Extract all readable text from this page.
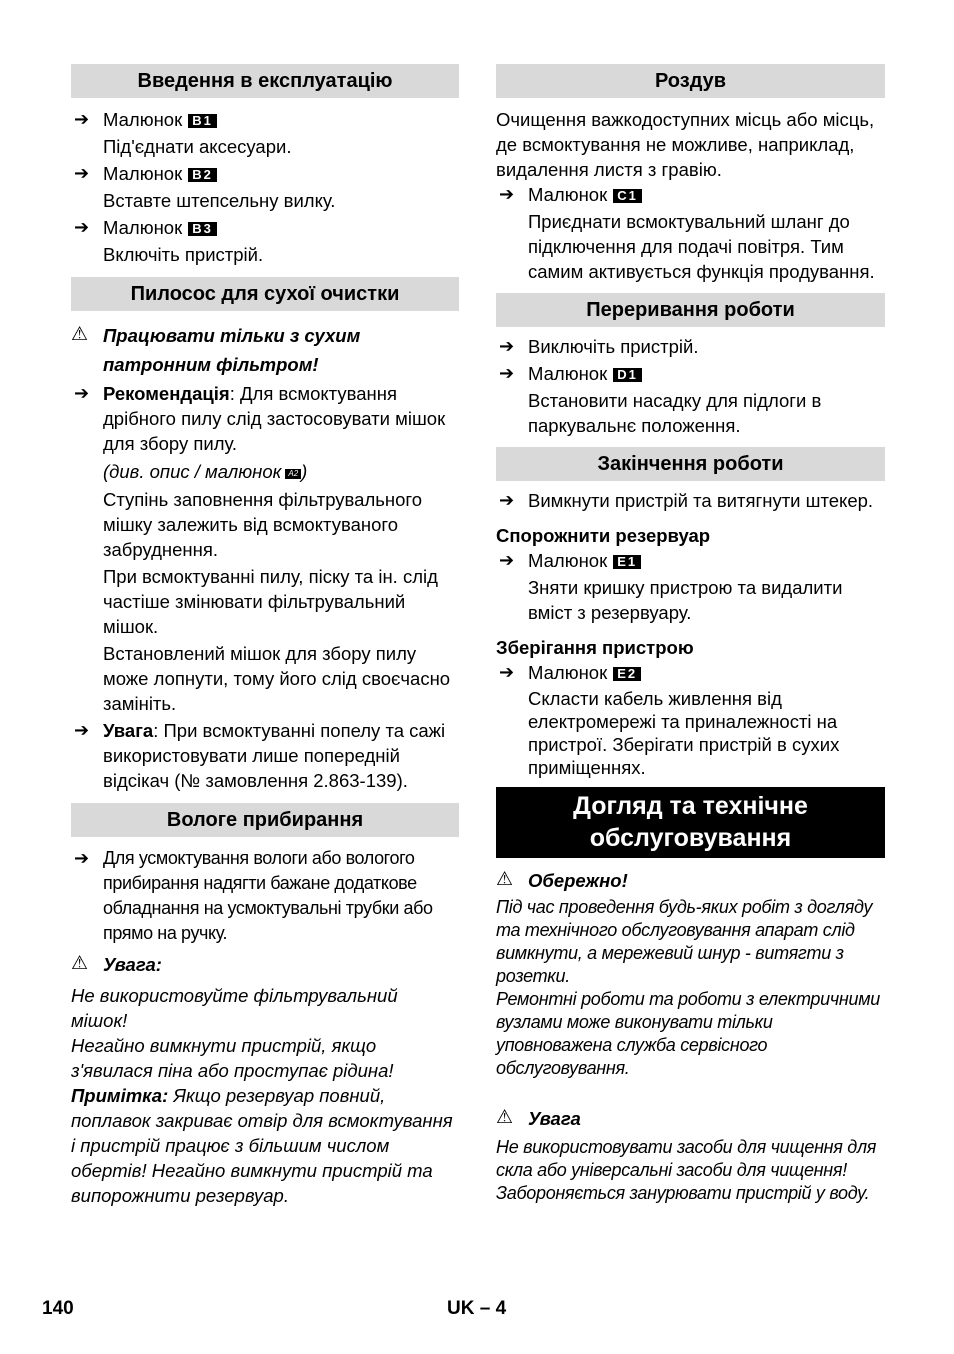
Введення в експлуатацію

➔ Малюнок B1

Під'єднати аксесуари.

➔ Малюнок B2

Вставте штепсельну вилку.

➔ Малюнок B3

Включіть пристрій.

Пилосос для сухої очистки

⚠ Працювати тільки з сухим патронним фільтром!

➔ Рекомендація: Для всмоктування дрібного пилу слід застосовувати мішок для збору пилу.

(див. опис / малюнок A2 )

Ступінь заповнення фільтрувального мішку залежить від всмоктуваного забруднення.

При всмоктуванні пилу, піску та ін. слід частіше змінювати фільтрувальний мішок.

Встановлений мішок для збору пилу може лопнути, тому його слід своєчасно замініть.

➔ Увага: При всмоктуванні попелу та сажі використовувати лише попередній відсікач (№ замовлення 2.863-139).

Вологе прибирання

➔ Для усмоктування вологи або вологого прибирання надягти бажане додаткове обладнання на усмоктувальні трубки або прямо на ручку.

⚠ Увага:

Не використовуйте фільтрувальний мішок!

Негайно вимкнути пристрій, якщо з'явилася піна або проступає рідина!

Примітка: Якщо резервуар повний, поплавок закриває отвір для всмоктування і пристрій працює з більшим числом обертів! Негайно вимкнути пристрій та випорожнити резервуар.

Роздув

Очищення важкодоступних місць або місць, де всмоктування не можливе, наприклад, видалення листя з гравію.

➔ Малюнок C1

Приєднати всмоктувальний шланг до підключення для подачі повітря. Тим самим активується функція продування.

Переривання роботи

➔ Виключіть пристрій.

➔ Малюнок D1

Встановити насадку для підлоги в паркувальнє положення.

Закінчення роботи

➔ Вимкнути пристрій та витягнути штекер.

Спорожнити резервуар

➔ Малюнок E1

Зняти кришку пристрою та видалити вміст з резервуару.

Зберігання пристрою

➔ Малюнок E2

Скласти кабель живлення від електромережі та приналежності на пристрої. Зберігати пристрій в сухих приміщеннях.

Догляд та технічне обслуговування

⚠ Обережно!

Під час проведення будь-яких робіт з догляду та технічного обслуговування апарат слід вимкнути, а мережевий шнур - витягти з розетки.

Ремонтні роботи та роботи з електричними вузлами може виконувати тільки уповноважена служба сервісного обслуговування.

⚠ Увага

Не використовувати засоби для чищення для скла або універсальні засоби для чищення! Забороняється занурювати пристрій у воду.

140	UK – 4
